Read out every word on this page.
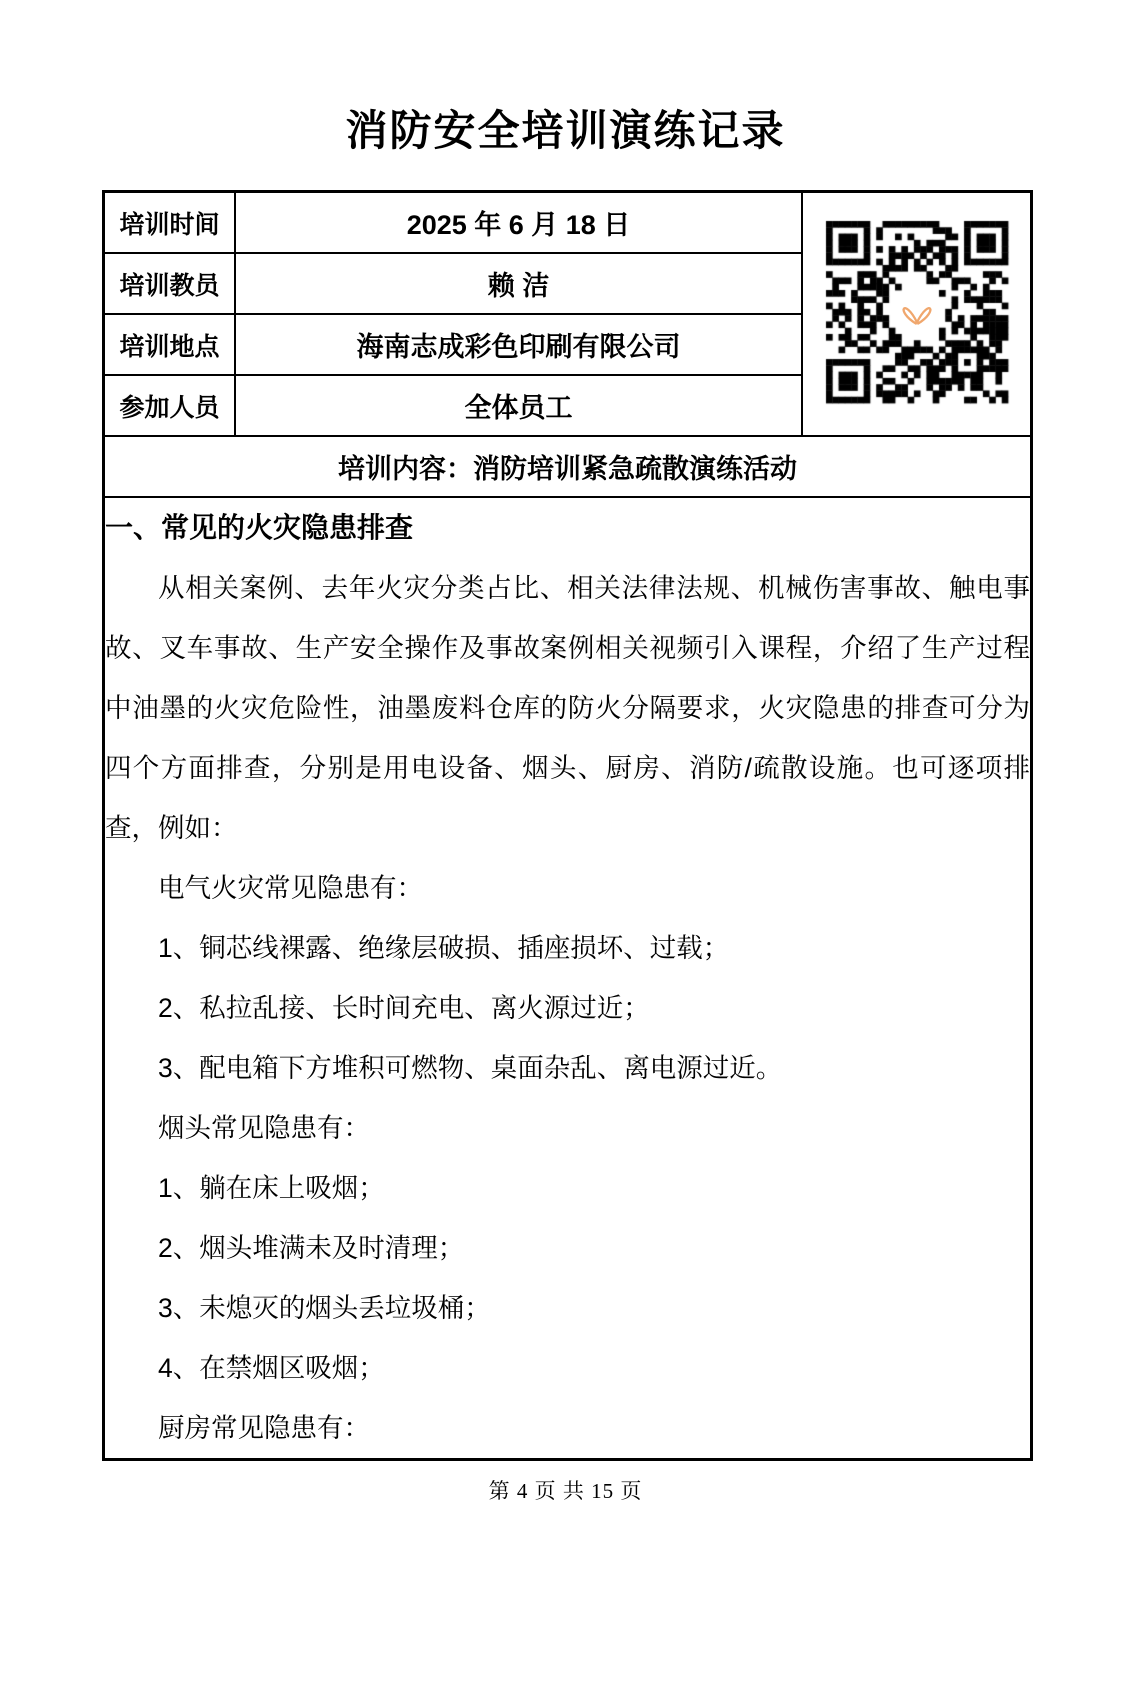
消防安全培训演练记录
培训时间	2025 年 6 月 18 日	

培训教员	赖 洁	
培训地点	海南志成彩色印刷有限公司	
参加人员	全体员工	
培训内容：消防培训紧急疏散演练活动		

一、常见的火灾隐患排查
从相关案例、去年火灾分类占比、相关法律法规、机械伤害事故、触电事故、叉车事故、生产安全操作及事故案例相关视频引入课程，介绍了生产过程中油墨的火灾危险性，油墨废料仓库的防火分隔要求，火灾隐患的排查可分为四个方面排查，分别是用电设备、烟头、厨房、消防/疏散设施。也可逐项排查，例如：
电气火灾常见隐患有：
1、铜芯线裸露、绝缘层破损、插座损坏、过载；
2、私拉乱接、长时间充电、离火源过近；
3、配电箱下方堆积可燃物、桌面杂乱、离电源过近。
烟头常见隐患有：
1、躺在床上吸烟；
2、烟头堆满未及时清理；
3、未熄灭的烟头丢垃圾桶；
4、在禁烟区吸烟；
厨房常见隐患有：
第 4 页 共 15 页
